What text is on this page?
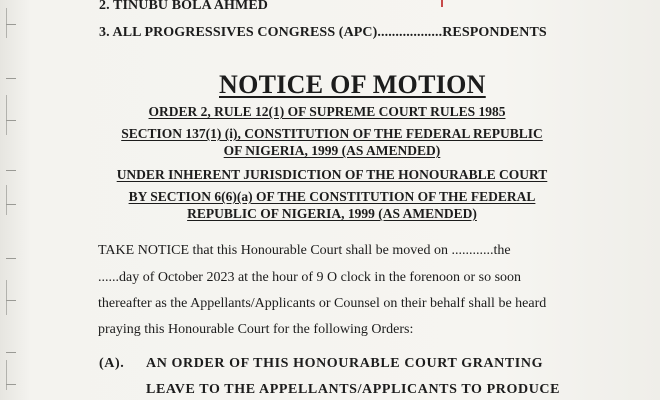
2. TINUBU BOLA AHMED
3. ALL PROGRESSIVES CONGRESS (APC)..................RESPONDENTS
NOTICE OF MOTION
ORDER 2, RULE 12(1) OF SUPREME COURT RULES 1985
SECTION 137(1) (i), CONSTITUTION OF THE FEDERAL REPUBLIC
OF NIGERIA, 1999 (AS AMENDED)
UNDER INHERENT JURISDICTION OF THE HONOURABLE COURT
BY SECTION 6(6)(a) OF THE CONSTITUTION OF THE FEDERAL
REPUBLIC OF NIGERIA, 1999 (AS AMENDED)
TAKE NOTICE that this Honourable Court shall be moved on ............the
......day of October 2023 at the hour of 9 O clock in the forenoon or so soon
thereafter as the Appellants/Applicants or Counsel on their behalf shall be heard
praying this Honourable Court for the following Orders:
(A). AN ORDER OF THIS HONOURABLE COURT GRANTING
LEAVE TO THE APPELLANTS/APPLICANTS TO PRODUCE
